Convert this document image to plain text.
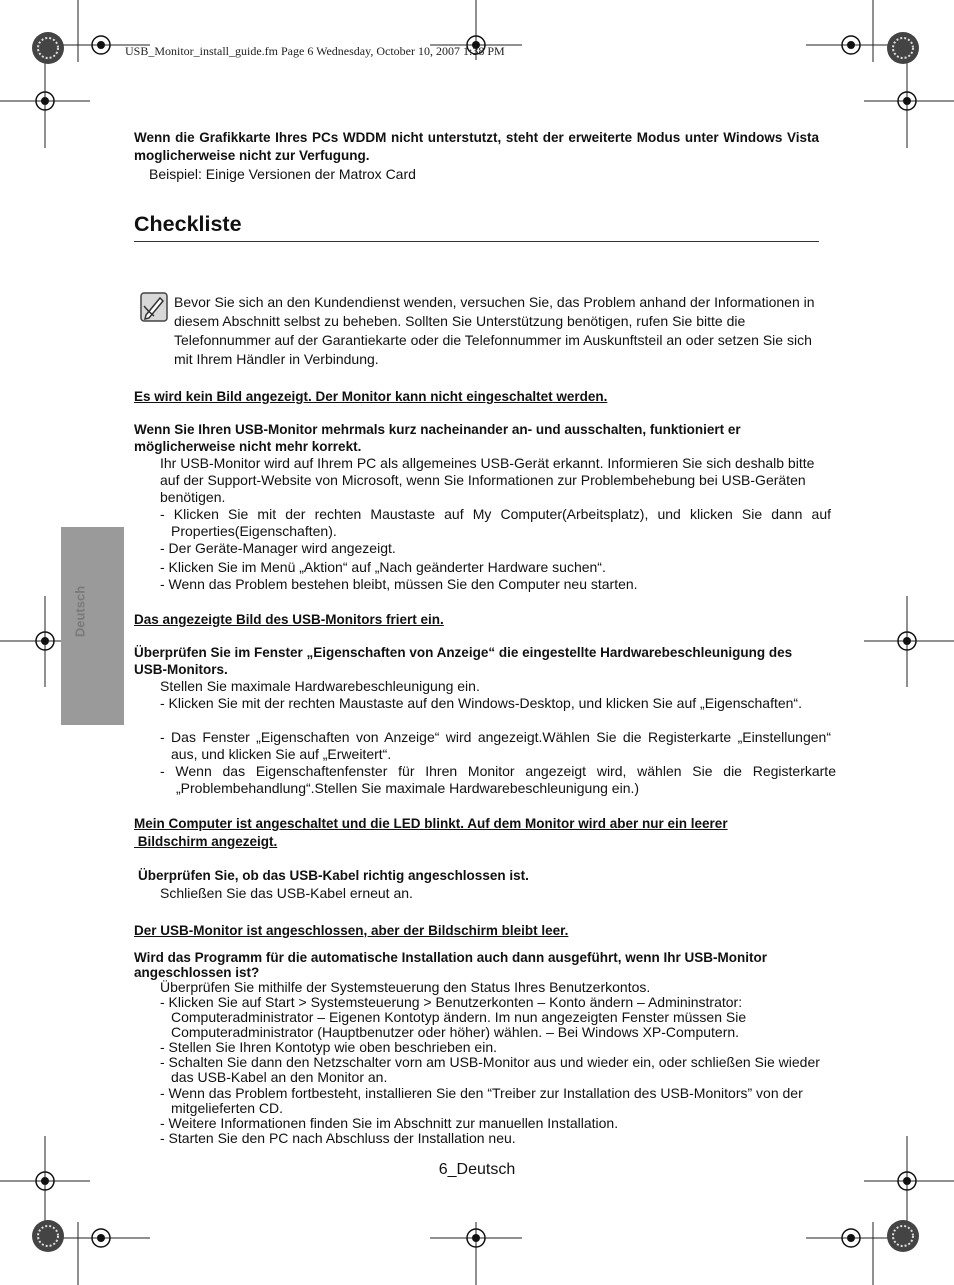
USB_Monitor_install_guide.fm Page 6 Wednesday, October 10, 2007 1:38 PM
Wenn die Grafikkarte Ihres PCs WDDM nicht unterstutzt, steht der erweiterte Modus unter Windows Vista moglicherweise nicht zur Verfugung.
Beispiel: Einige Versionen der Matrox Card
Checkliste
Bevor Sie sich an den Kundendienst wenden, versuchen Sie, das Problem anhand der Informationen in diesem Abschnitt selbst zu beheben. Sollten Sie Unterstützung benötigen, rufen Sie bitte die Telefonnummer auf der Garantiekarte oder die Telefonnummer im Auskunftsteil an oder setzen Sie sich mit Ihrem Händler in Verbindung.
Deutsch
Es wird kein Bild angezeigt. Der Monitor kann nicht eingeschaltet werden.
Wenn Sie Ihren USB-Monitor mehrmals kurz nacheinander an- und ausschalten, funktioniert er möglicherweise nicht mehr korrekt.
Ihr USB-Monitor wird auf Ihrem PC als allgemeines USB-Gerät erkannt. Informieren Sie sich deshalb bitte auf der Support-Website von Microsoft, wenn Sie Informationen zur Problembehebung bei USB-Geräten benötigen.
- Klicken Sie mit der rechten Maustaste auf My Computer(Arbeitsplatz), und klicken Sie dann auf Properties(Eigenschaften).
- Der Geräte-Manager wird angezeigt.
- Klicken Sie im Menü „Aktion“ auf „Nach geänderter Hardware suchen“.
- Wenn das Problem bestehen bleibt, müssen Sie den Computer neu starten.
Das angezeigte Bild des USB-Monitors friert ein.
Überprüfen Sie im Fenster „Eigenschaften von Anzeige“ die eingestellte Hardwarebeschleunigung des USB-Monitors.
Stellen Sie maximale Hardwarebeschleunigung ein.
- Klicken Sie mit der rechten Maustaste auf den Windows-Desktop, und klicken Sie auf „Eigenschaften“.
- Das Fenster „Eigenschaften von Anzeige“ wird angezeigt.Wählen Sie die Registerkarte „Einstellungen“ aus, und klicken Sie auf „Erweitert“.
- Wenn das Eigenschaftenfenster für Ihren Monitor angezeigt wird, wählen Sie die Registerkarte „Problembehandlung“.Stellen Sie maximale Hardwarebeschleunigung ein.)
Mein Computer ist angeschaltet und die LED blinkt. Auf dem Monitor wird aber nur ein leerer
Bildschirm angezeigt.
Überprüfen Sie, ob das USB-Kabel richtig angeschlossen ist.
Schließen Sie das USB-Kabel erneut an.
Der USB-Monitor ist angeschlossen, aber der Bildschirm bleibt leer.
Wird das Programm für die automatische Installation auch dann ausgeführt, wenn Ihr USB-Monitor angeschlossen ist?
Überprüfen Sie mithilfe der Systemsteuerung den Status Ihres Benutzerkontos.
- Klicken Sie auf Start > Systemsteuerung > Benutzerkonten – Konto ändern – Admininstrator: Computeradministrator – Eigenen Kontotyp ändern. Im nun angezeigten Fenster müssen Sie Computeradministrator (Hauptbenutzer oder höher) wählen. – Bei Windows XP-Computern.
- Stellen Sie Ihren Kontotyp wie oben beschrieben ein.
- Schalten Sie dann den Netzschalter vorn am USB-Monitor aus und wieder ein, oder schließen Sie wieder das USB-Kabel an den Monitor an.
- Wenn das Problem fortbesteht, installieren Sie den “Treiber zur Installation des USB-Monitors” von der mitgelieferten CD.
- Weitere Informationen finden Sie im Abschnitt zur manuellen Installation.
- Starten Sie den PC nach Abschluss der Installation neu.
6_Deutsch
